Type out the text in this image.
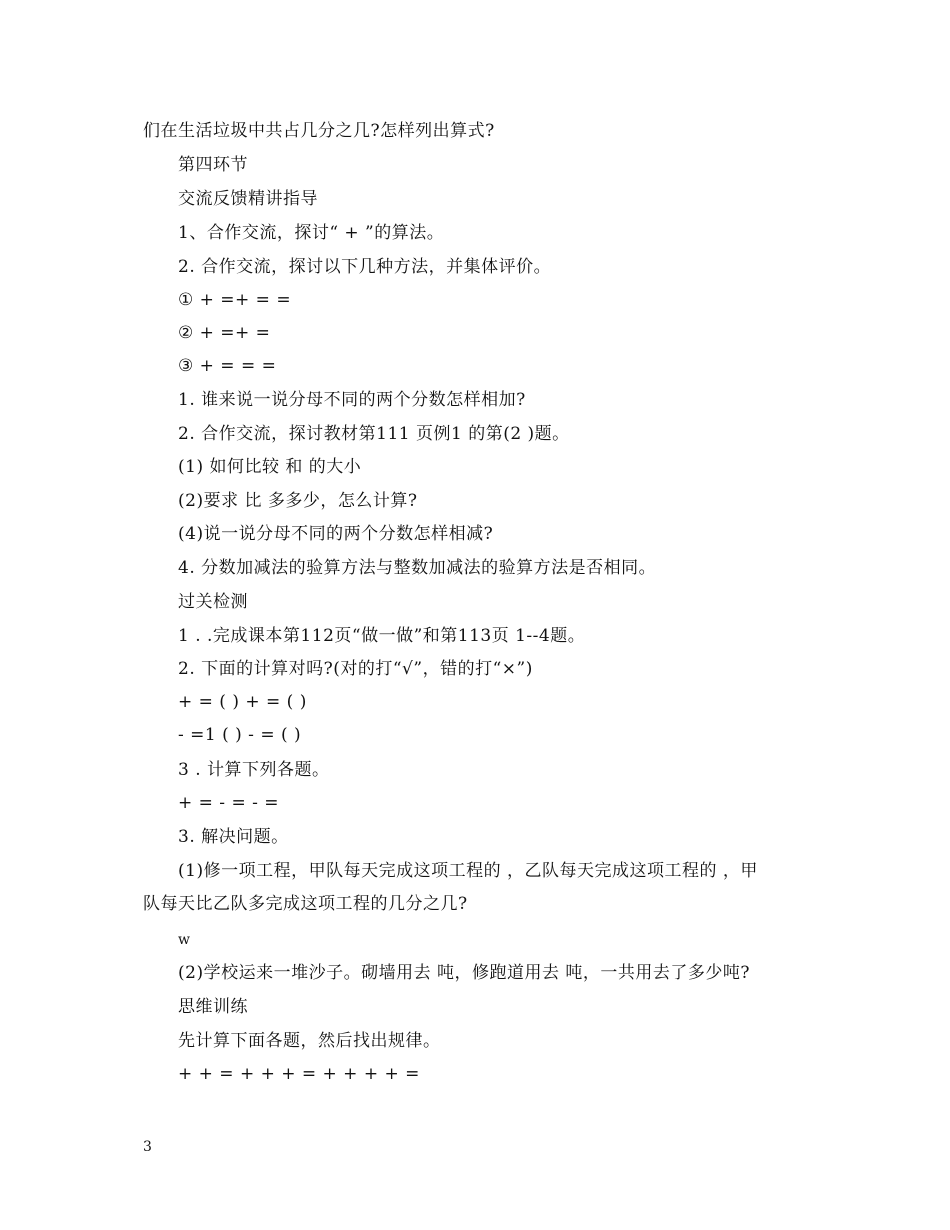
们在生活垃圾中共占几分之几?怎样列出算式?
第四环节
交流反馈精讲指导
1、合作交流，探讨“ + ”的算法。
2. 合作交流，探讨以下几种方法，并集体评价。
① + =+ = =
② + =+ =
③ + = = =
1. 谁来说一说分母不同的两个分数怎样相加?
2. 合作交流，探讨教材第111 页例1 的第(2 )题。
(1) 如何比较 和 的大小
(2)要求 比 多多少，怎么计算?
(4)说一说分母不同的两个分数怎样相减?
4. 分数加减法的验算方法与整数加减法的验算方法是否相同。
过关检测
1 . .完成课本第112页“做一做”和第113页 1--4题。
2. 下面的计算对吗?(对的打“√”，错的打“×”)
+ = ( ) + = ( )
- =1 ( ) - = ( )
3 . 计算下列各题。
+ = - = - =
3. 解决问题。
(1)修一项工程，甲队每天完成这项工程的 ，乙队每天完成这项工程的 ，甲
队每天比乙队多完成这项工程的几分之几?
w
(2)学校运来一堆沙子。砌墙用去 吨，修跑道用去 吨，一共用去了多少吨?
思维训练
先计算下面各题，然后找出规律。
+ + = + + + = + + + + =
3
